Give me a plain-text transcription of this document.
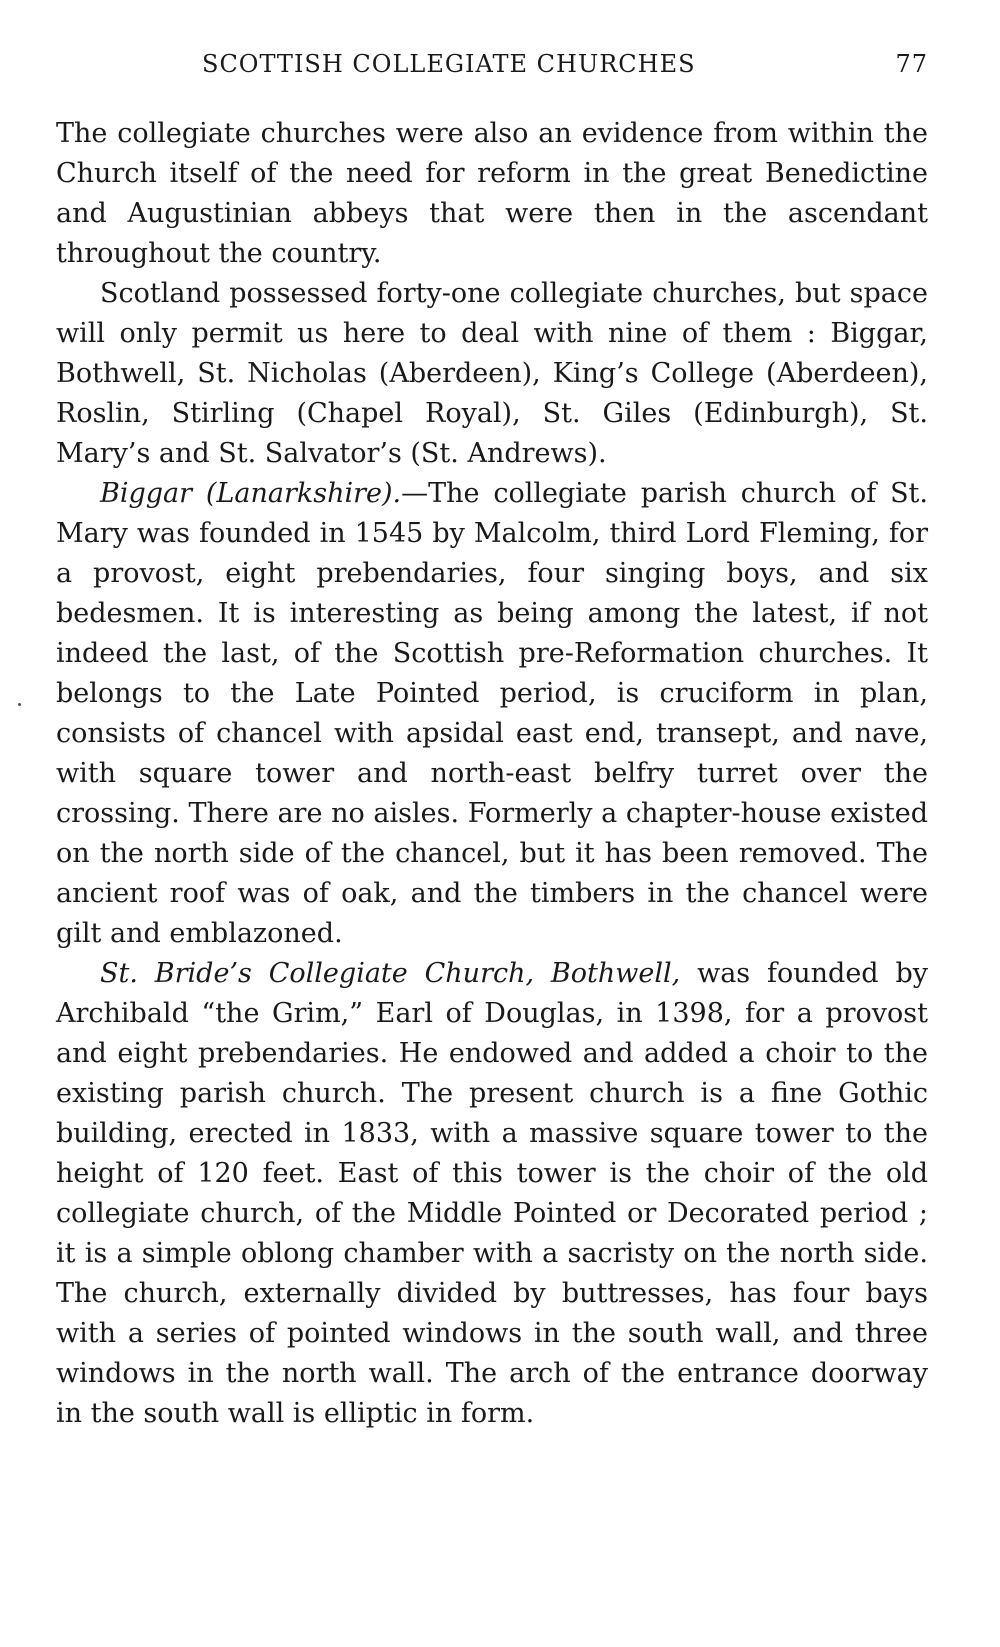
SCOTTISH COLLEGIATE CHURCHES	77

The collegiate churches were also an evidence from within the Church itself of the need for reform in the great Benedictine and Augustinian abbeys that were then in the ascendant throughout the country.

Scotland possessed forty-one collegiate churches, but space will only permit us here to deal with nine of them : Biggar, Bothwell, St. Nicholas (Aberdeen), King’s College (Aberdeen), Roslin, Stirling (Chapel Royal), St. Giles (Edinburgh), St. Mary’s and St. Salvator’s (St. Andrews).

Biggar (Lanarkshire).—The collegiate parish church of St. Mary was founded in 1545 by Malcolm, third Lord Fleming, for a provost, eight prebendaries, four singing boys, and six bedesmen. It is interesting as being among the latest, if not indeed the last, of the Scottish pre-Reformation churches. It belongs to the Late Pointed period, is cruciform in plan, consists of chancel with apsidal east end, transept, and nave, with square tower and north-east belfry turret over the crossing. There are no aisles. Formerly a chapter-house existed on the north side of the chancel, but it has been removed. The ancient roof was of oak, and the timbers in the chancel were gilt and emblazoned.

St. Bride’s Collegiate Church, Bothwell, was founded by Archibald “the Grim,” Earl of Douglas, in 1398, for a provost and eight prebendaries. He endowed and added a choir to the existing parish church. The present church is a fine Gothic building, erected in 1833, with a massive square tower to the height of 120 feet. East of this tower is the choir of the old collegiate church, of the Middle Pointed or Decorated period ; it is a simple oblong chamber with a sacristy on the north side. The church, externally divided by buttresses, has four bays with a series of pointed windows in the south wall, and three windows in the north wall. The arch of the entrance doorway in the south wall is elliptic in form.
